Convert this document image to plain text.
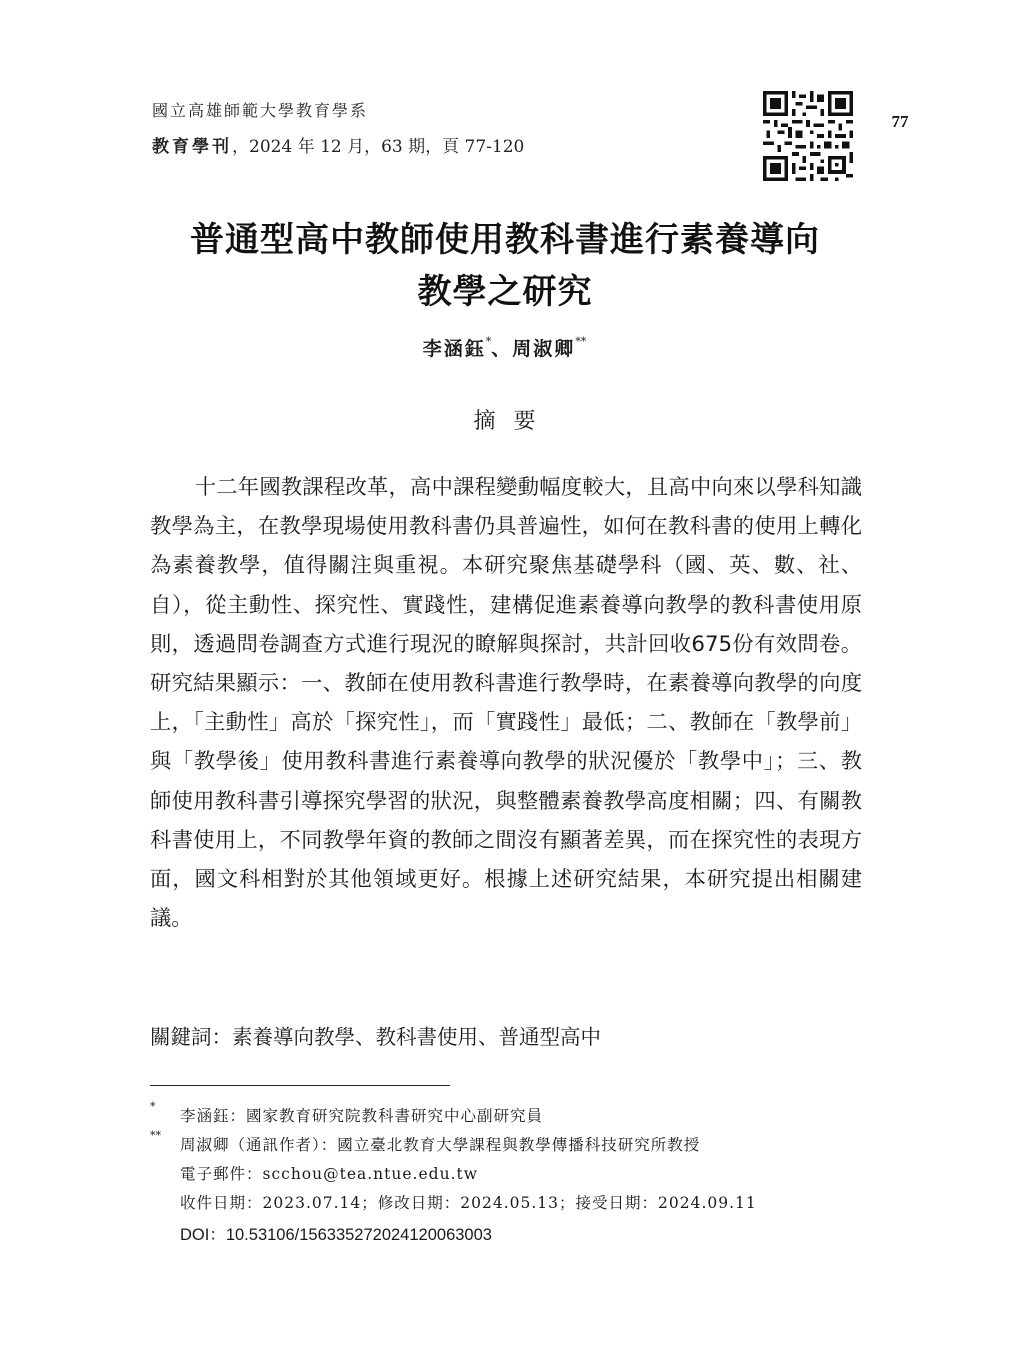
國立高雄師範大學教育學系
教育學刊，2024 年 12 月，63 期，頁 77-120
77
普通型高中教師使用教科書進行素養導向
教學之研究
李涵鈺*、周淑卿**
摘要

十二年國教課程改革，高中課程變動幅度較大，且高中向來以學科知識教學為主，在教學現場使用教科書仍具普遍性，如何在教科書的使用上轉化為素養教學，值得關注與重視。本研究聚焦基礎學科（國、英、數、社、自），從主動性、探究性、實踐性，建構促進素養導向教學的教科書使用原則，透過問卷調查方式進行現況的瞭解與探討，共計回收675份有效問卷。研究結果顯示：一、教師在使用教科書進行教學時，在素養導向教學的向度上，「主動性」高於「探究性」，而「實踐性」最低；二、教師在「教學前」與「教學後」使用教科書進行素養導向教學的狀況優於「教學中」；三、教師使用教科書引導探究學習的狀況，與整體素養教學高度相關；四、有關教科書使用上，不同教學年資的教師之間沒有顯著差異，而在探究性的表現方面，國文科相對於其他領域更好。根據上述研究結果，本研究提出相關建議。

關鍵詞：素養導向教學、教科書使用、普通型高中
*
李涵鈺：國家教育研究院教科書研究中心副研究員
**
周淑卿（通訊作者）：國立臺北教育大學課程與教學傳播科技研究所教授
電子郵件：scchou@tea.ntue.edu.tw
收件日期：2023.07.14；修改日期：2024.05.13；接受日期：2024.09.11
DOI：10.53106/156335272024120063003
